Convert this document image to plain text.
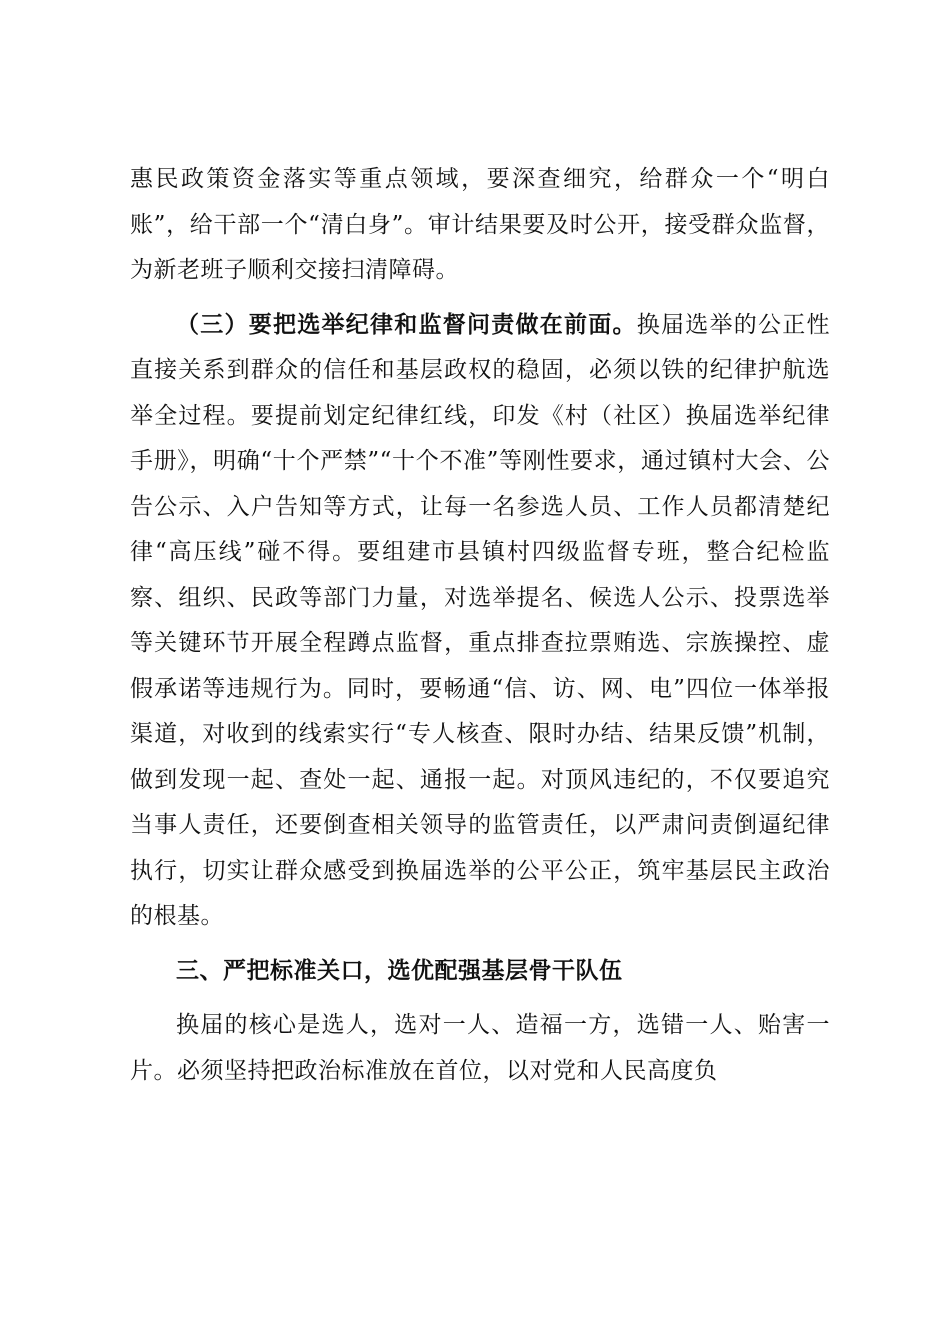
惠民政策资金落实等重点领域，要深查细究，给群众一个“明白账”，给干部一个“清白身”。审计结果要及时公开，接受群众监督，为新老班子顺利交接扫清障碍。

（三）要把选举纪律和监督问责做在前面。换届选举的公正性直接关系到群众的信任和基层政权的稳固，必须以铁的纪律护航选举全过程。要提前划定纪律红线，印发《村（社区）换届选举纪律手册》，明确“十个严禁”“十个不准”等刚性要求，通过镇村大会、公告公示、入户告知等方式，让每一名参选人员、工作人员都清楚纪律“高压线”碰不得。要组建市县镇村四级监督专班，整合纪检监察、组织、民政等部门力量，对选举提名、候选人公示、投票选举等关键环节开展全程蹲点监督，重点排查拉票贿选、宗族操控、虚假承诺等违规行为。同时，要畅通“信、访、网、电”四位一体举报渠道，对收到的线索实行“专人核查、限时办结、结果反馈”机制，做到发现一起、查处一起、通报一起。对顶风违纪的，不仅要追究当事人责任，还要倒查相关领导的监管责任，以严肃问责倒逼纪律执行，切实让群众感受到换届选举的公平公正，筑牢基层民主政治的根基。

三、严把标准关口，选优配强基层骨干队伍

换届的核心是选人，选对一人、造福一方，选错一人、贻害一片。必须坚持把政治标准放在首位，以对党和人民高度负
